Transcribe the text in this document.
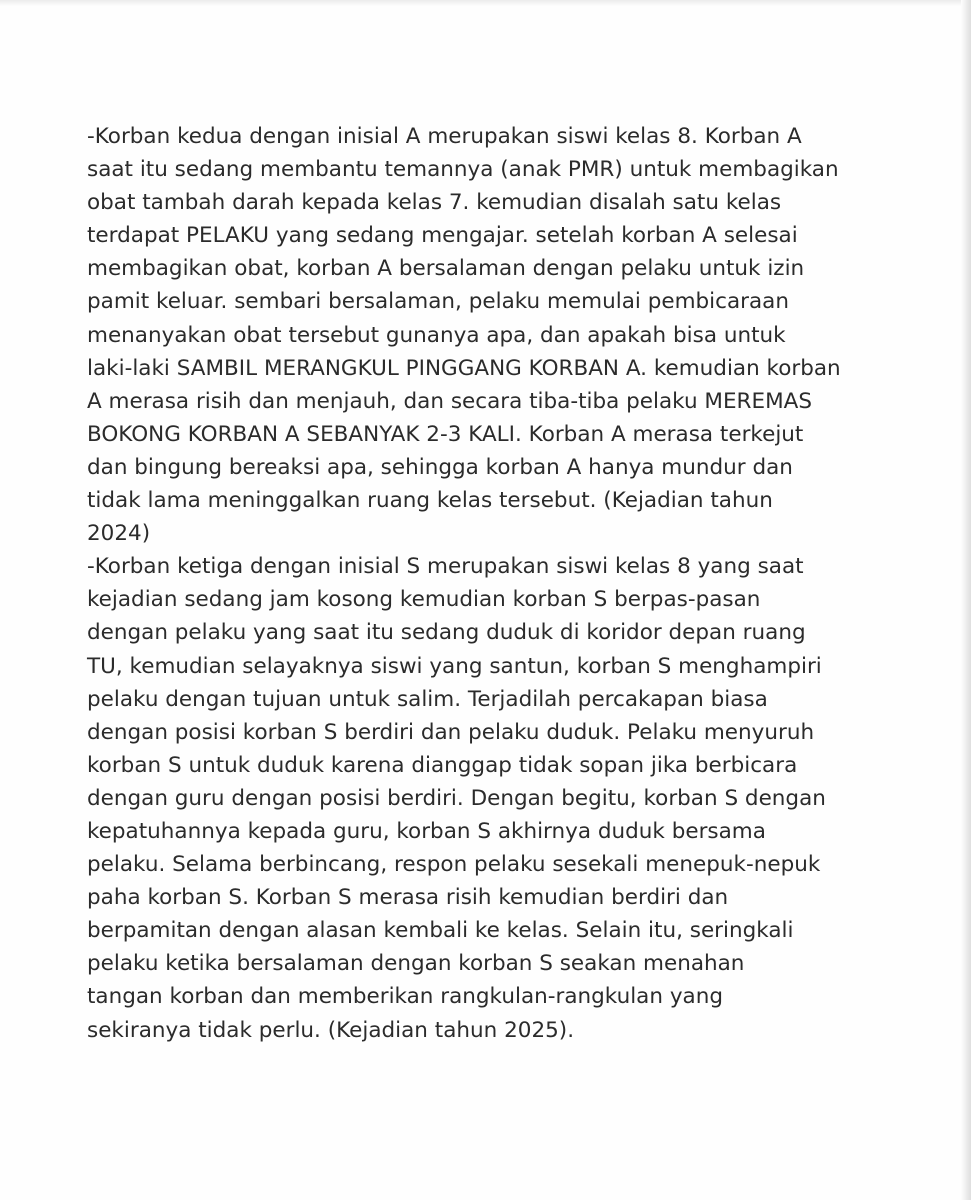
-Korban kedua dengan inisial A merupakan siswi kelas 8. Korban A
saat itu sedang membantu temannya (anak PMR) untuk membagikan
obat tambah darah kepada kelas 7. kemudian disalah satu kelas
terdapat PELAKU yang sedang mengajar. setelah korban A selesai
membagikan obat, korban A bersalaman dengan pelaku untuk izin
pamit keluar. sembari bersalaman, pelaku memulai pembicaraan
menanyakan obat tersebut gunanya apa, dan apakah bisa untuk
laki-laki SAMBIL MERANGKUL PINGGANG KORBAN A. kemudian korban
A merasa risih dan menjauh, dan secara tiba-tiba pelaku MEREMAS
BOKONG KORBAN A SEBANYAK 2-3 KALI. Korban A merasa terkejut
dan bingung bereaksi apa, sehingga korban A hanya mundur dan
tidak lama meninggalkan ruang kelas tersebut. (Kejadian tahun
2024)
-Korban ketiga dengan inisial S merupakan siswi kelas 8 yang saat
kejadian sedang jam kosong kemudian korban S berpas-pasan
dengan pelaku yang saat itu sedang duduk di koridor depan ruang
TU, kemudian selayaknya siswi yang santun, korban S menghampiri
pelaku dengan tujuan untuk salim. Terjadilah percakapan biasa
dengan posisi korban S berdiri dan pelaku duduk. Pelaku menyuruh
korban S untuk duduk karena dianggap tidak sopan jika berbicara
dengan guru dengan posisi berdiri. Dengan begitu, korban S dengan
kepatuhannya kepada guru, korban S akhirnya duduk bersama
pelaku. Selama berbincang, respon pelaku sesekali menepuk-nepuk
paha korban S. Korban S merasa risih kemudian berdiri dan
berpamitan dengan alasan kembali ke kelas. Selain itu, seringkali
pelaku ketika bersalaman dengan korban S seakan menahan
tangan korban dan memberikan rangkulan-rangkulan yang
sekiranya tidak perlu. (Kejadian tahun 2025).
